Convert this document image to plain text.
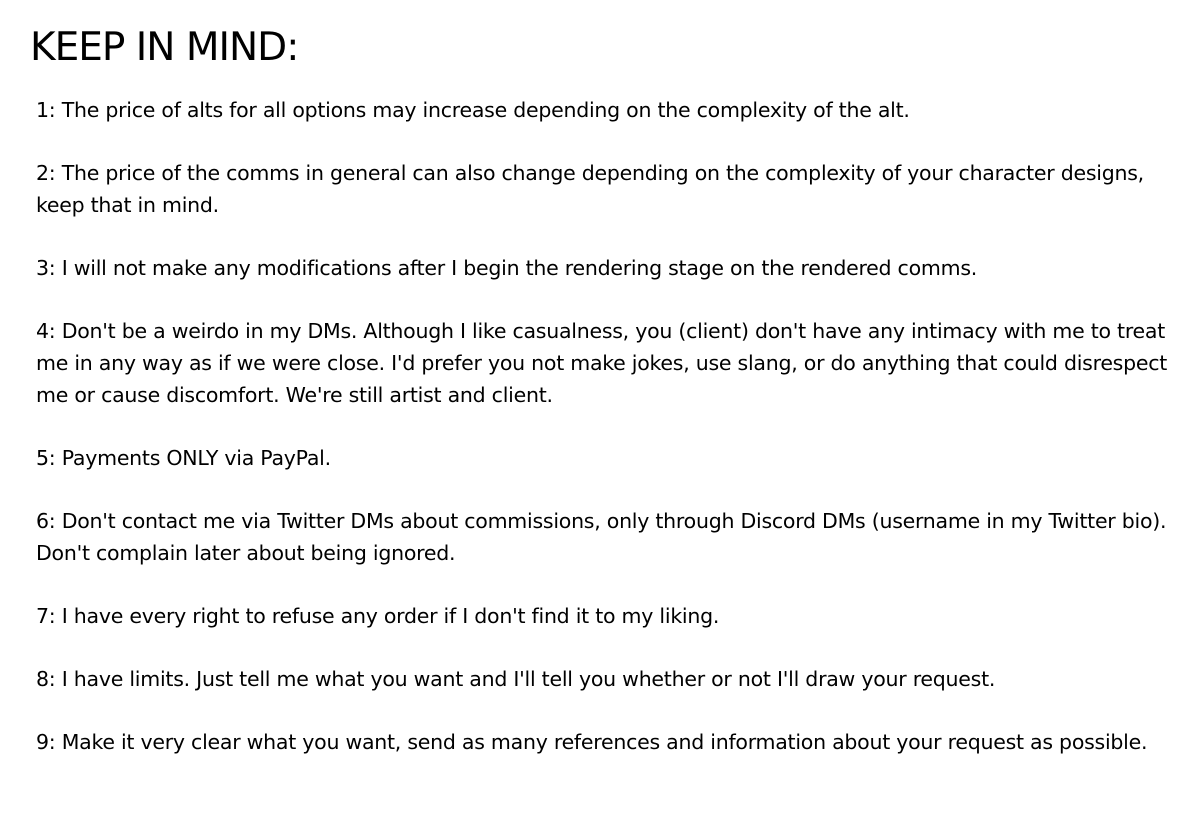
KEEP IN MIND:
1: The price of alts for all options may increase depending on the complexity of the alt.
2: The price of the comms in general can also change depending on the complexity of your character designs, keep that in mind.
3: I will not make any modifications after I begin the rendering stage on the rendered comms.
4: Don't be a weirdo in my DMs. Although I like casualness, you (client) don't have any intimacy with me to treat me in any way as if we were close. I'd prefer you not make jokes, use slang, or do anything that could disrespect me or cause discomfort. We're still artist and client.
5: Payments ONLY via PayPal.
6: Don't contact me via Twitter DMs about commissions, only through Discord DMs (username in my Twitter bio). Don't complain later about being ignored.
7: I have every right to refuse any order if I don't find it to my liking.
8: I have limits. Just tell me what you want and I'll tell you whether or not I'll draw your request.
9: Make it very clear what you want, send as many references and information about your request as possible.
